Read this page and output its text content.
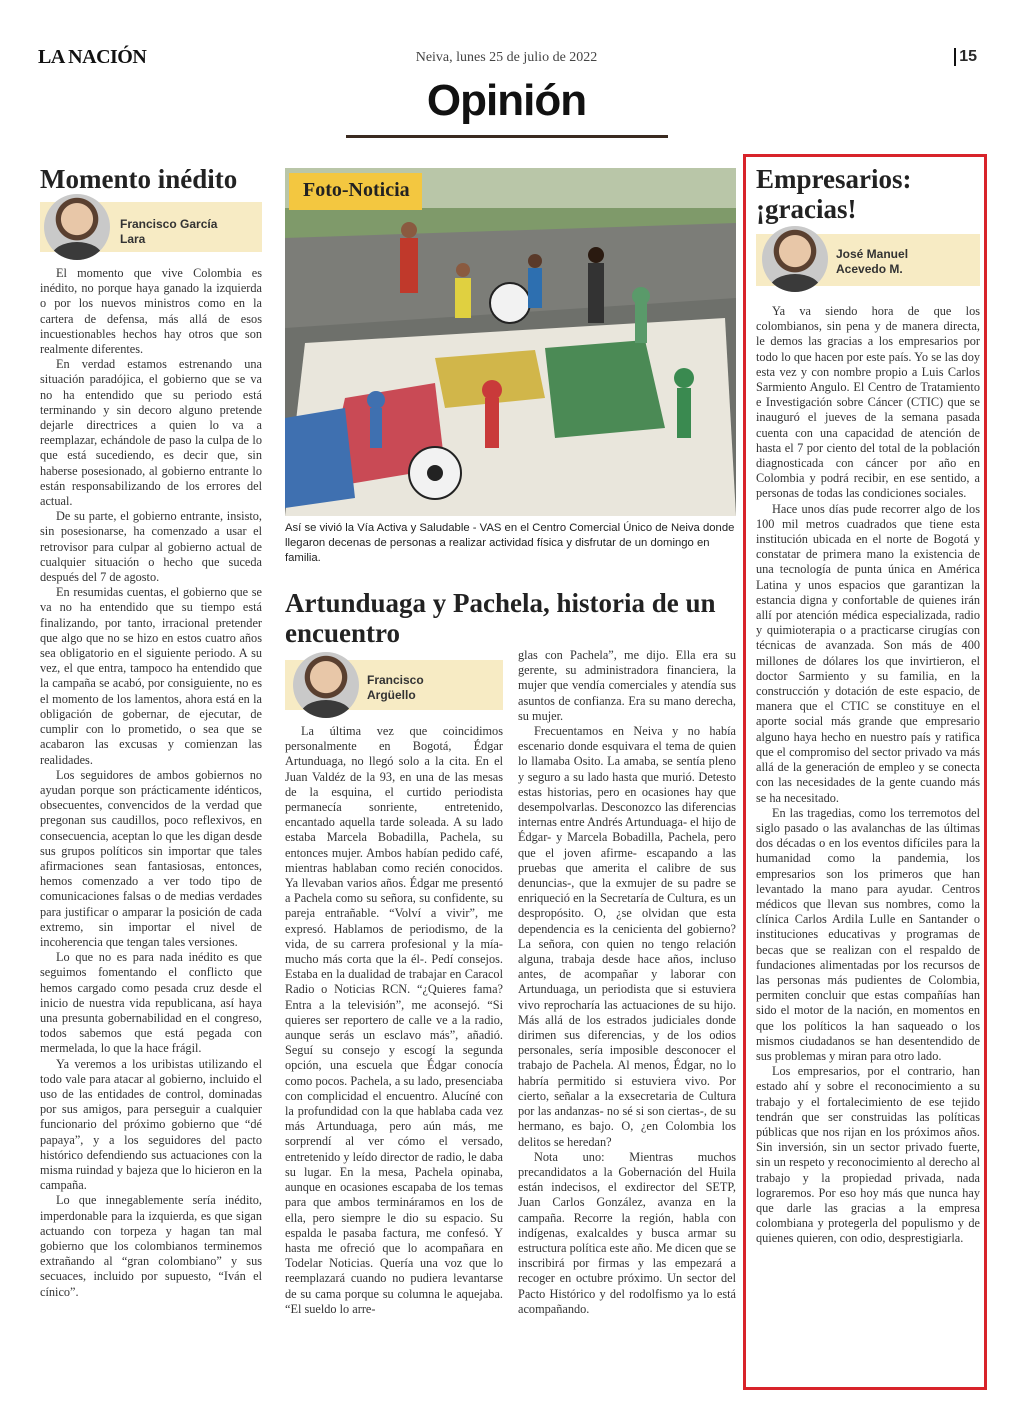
LA NACIÓN	Neiva, lunes 25 de julio de 2022	15
Opinión
Momento inédito
Francisco García
Lara

El momento que vive Colombia es inédito, no porque haya ganado la izquierda o por los nuevos ministros como en la cartera de defensa, más allá de esos incuestionables hechos hay otros que son realmente diferentes.

En verdad estamos estrenando una situación paradójica, el gobierno que se va no ha entendido que su periodo está terminando y sin decoro alguno pretende dejarle directrices a quien lo va a reemplazar, echándole de paso la culpa de lo que está sucediendo, es decir que, sin haberse posesionado, al gobierno entrante lo están responsabilizando de los errores del actual.

De su parte, el gobierno entrante, insisto, sin posesionarse, ha comenzado a usar el retrovisor para culpar al gobierno actual de cualquier situación o hecho que suceda después del 7 de agosto.

En resumidas cuentas, el gobierno que se va no ha entendido que su tiempo está finalizando, por tanto, irracional pretender que algo que no se hizo en estos cuatro años sea obligatorio en el siguiente periodo. A su vez, el que entra, tampoco ha entendido que la campaña se acabó, por consiguiente, no es el momento de los lamentos, ahora está en la obligación de gobernar, de ejecutar, de cumplir con lo prometido, o sea que se acabaron las excusas y comienzan las realidades.

Los seguidores de ambos gobiernos no ayudan porque son prácticamente idénticos, obsecuentes, convencidos de la verdad que pregonan sus caudillos, poco reflexivos, en consecuencia, aceptan lo que les digan desde sus grupos políticos sin importar que tales afirmaciones sean fantasiosas, entonces, hemos comenzado a ver todo tipo de comunicaciones falsas o de medias verdades para justificar o amparar la posición de cada extremo, sin importar el nivel de incoherencia que tengan tales versiones.

Lo que no es para nada inédito es que seguimos fomentando el conflicto que hemos cargado como pesada cruz desde el inicio de nuestra vida republicana, así haya una presunta gobernabilidad en el congreso, todos sabemos que está pegada con mermelada, lo que la hace frágil.

Ya veremos a los uribistas utilizando el todo vale para atacar al gobierno, incluido el uso de las entidades de control, dominadas por sus amigos, para perseguir a cualquier funcionario del próximo gobierno que “dé papaya”, y a los seguidores del pacto histórico defendiendo sus actuaciones con la misma ruindad y bajeza que lo hicieron en la campaña.

Lo que innegablemente sería inédito, imperdonable para la izquierda, es que sigan actuando con torpeza y hagan tan mal gobierno que los colombianos terminemos extrañando al “gran colombiano” y sus secuaces, incluido por supuesto, “Iván el cínico”.

Foto-Noticia
Así se vivió la Vía Activa y Saludable - VAS en el Centro Comercial Único de Neiva donde llegaron decenas de personas a realizar actividad física y disfrutar de un domingo en familia.
Artunduaga y Pachela, historia de un encuentro
Francisco
Argüello

La última vez que coincidimos personalmente en Bogotá, Édgar Artunduaga, no llegó solo a la cita. En el Juan Valdéz de la 93, en una de las mesas de la esquina, el curtido periodista permanecía sonriente, entretenido, encantado aquella tarde soleada. A su lado estaba Marcela Bobadilla, Pachela, su entonces mujer. Ambos habían pedido café, mientras hablaban como recién conocidos. Ya llevaban varios años. Édgar me presentó a Pachela como su señora, su confidente, su pareja entrañable. “Volví a vivir”, me expresó. Hablamos de periodismo, de la vida, de su carrera profesional y la mía- mucho más corta que la él-. Pedí consejos. Estaba en la dualidad de trabajar en Caracol Radio o Noticias RCN. “¿Quieres fama? Entra a la televisión”, me aconsejó. “Si quieres ser reportero de calle ve a la radio, aunque serás un esclavo más”, añadió. Seguí su consejo y escogí la segunda opción, una escuela que Édgar conocía como pocos. Pachela, a su lado, presenciaba con complicidad el encuentro. Alucíné con la profundidad con la que hablaba cada vez más Artunduaga, pero aún más, me sorprendí al ver cómo el versado, entretenido y leído director de radio, le daba su lugar. En la mesa, Pachela opinaba, aunque en ocasiones escapaba de los temas para que ambos termináramos en los de ella, pero siempre le dio su espacio. Su espalda le pasaba factura, me confesó. Y hasta me ofreció que lo acompañara en Todelar Noticias. Quería una voz que lo reemplazará cuando no pudiera levantarse de su cama porque su columna le aquejaba. “El sueldo lo arre-

glas con Pachela”, me dijo. Ella era su gerente, su administradora financiera, la mujer que vendía comerciales y atendía sus asuntos de confianza. Era su mano derecha, su mujer.

Frecuentamos en Neiva y no había escenario donde esquivara el tema de quien lo llamaba Osito. La amaba, se sentía pleno y seguro a su lado hasta que murió. Detesto estas historias, pero en ocasiones hay que desempolvarlas. Desconozco las diferencias internas entre Andrés Artunduaga- el hijo de Édgar- y Marcela Bobadilla, Pachela, pero que el joven afirme- escapando a las pruebas que amerita el calibre de sus denuncias-, que la exmujer de su padre se enriqueció en la Secretaría de Cultura, es un despropósito. O, ¿se olvidan que esta dependencia es la cenicienta del gobierno? La señora, con quien no tengo relación alguna, trabaja desde hace años, incluso antes, de acompañar y laborar con Artunduaga, un periodista que si estuviera vivo reprocharía las actuaciones de su hijo. Más allá de los estrados judiciales donde dirimen sus diferencias, y de los odios personales, sería imposible desconocer el trabajo de Pachela. Al menos, Édgar, no lo habría permitido si estuviera vivo. Por cierto, señalar a la exsecretaria de Cultura por las andanzas- no sé si son ciertas-, de su hermano, es bajo. O, ¿en Colombia los delitos se heredan?

Nota uno: Mientras muchos precandidatos a la Gobernación del Huila están indecisos, el exdirector del SETP, Juan Carlos González, avanza en la campaña. Recorre la región, habla con indígenas, exalcaldes y busca armar su estructura política este año. Me dicen que se inscribirá por firmas y las empezará a recoger en octubre próximo. Un sector del Pacto Histórico y del rodolfismo ya lo está acompañando.

Empresarios: ¡gracias!
José Manuel
Acevedo M.

Ya va siendo hora de que los colombianos, sin pena y de manera directa, le demos las gracias a los empresarios por todo lo que hacen por este país. Yo se las doy esta vez y con nombre propio a Luis Carlos Sarmiento Angulo. El Centro de Tratamiento e Investigación sobre Cáncer (CTIC) que se inauguró el jueves de la semana pasada cuenta con una capacidad de atención de hasta el 7 por ciento del total de la población diagnosticada con cáncer por año en Colombia y podrá recibir, en ese sentido, a personas de todas las condiciones sociales.

Hace unos días pude recorrer algo de los 100 mil metros cuadrados que tiene esta institución ubicada en el norte de Bogotá y constatar de primera mano la existencia de una tecnología de punta única en América Latina y unos espacios que garantizan la estancia digna y confortable de quienes irán allí por atención médica especializada, radio y quimioterapia o a practicarse cirugías con técnicas de avanzada. Son más de 400 millones de dólares los que invirtieron, el doctor Sarmiento y su familia, en la construcción y dotación de este espacio, de manera que el CTIC se constituye en el aporte social más grande que empresario alguno haya hecho en nuestro país y ratifica que el compromiso del sector privado va más allá de la generación de empleo y se conecta con las necesidades de la gente cuando más se ha necesitado.

En las tragedias, como los terremotos del siglo pasado o las avalanchas de las últimas dos décadas o en los eventos difíciles para la humanidad como la pandemia, los empresarios son los primeros que han levantado la mano para ayudar. Centros médicos que llevan sus nombres, como la clínica Carlos Ardila Lulle en Santander o instituciones educativas y programas de becas que se realizan con el respaldo de fundaciones alimentadas por los recursos de las personas más pudientes de Colombia, permiten concluir que estas compañías han sido el motor de la nación, en momentos en que los políticos la han saqueado o los mismos ciudadanos se han desentendido de sus problemas y miran para otro lado.

Los empresarios, por el contrario, han estado ahí y sobre el reconocimiento a su trabajo y el fortalecimiento de ese tejido tendrán que ser construidas las políticas públicas que nos rijan en los próximos años. Sin inversión, sin un sector privado fuerte, sin un respeto y reconocimiento al derecho al trabajo y la propiedad privada, nada lograremos. Por eso hoy más que nunca hay que darle las gracias a la empresa colombiana y protegerla del populismo y de quienes quieren, con odio, desprestigiarla.
